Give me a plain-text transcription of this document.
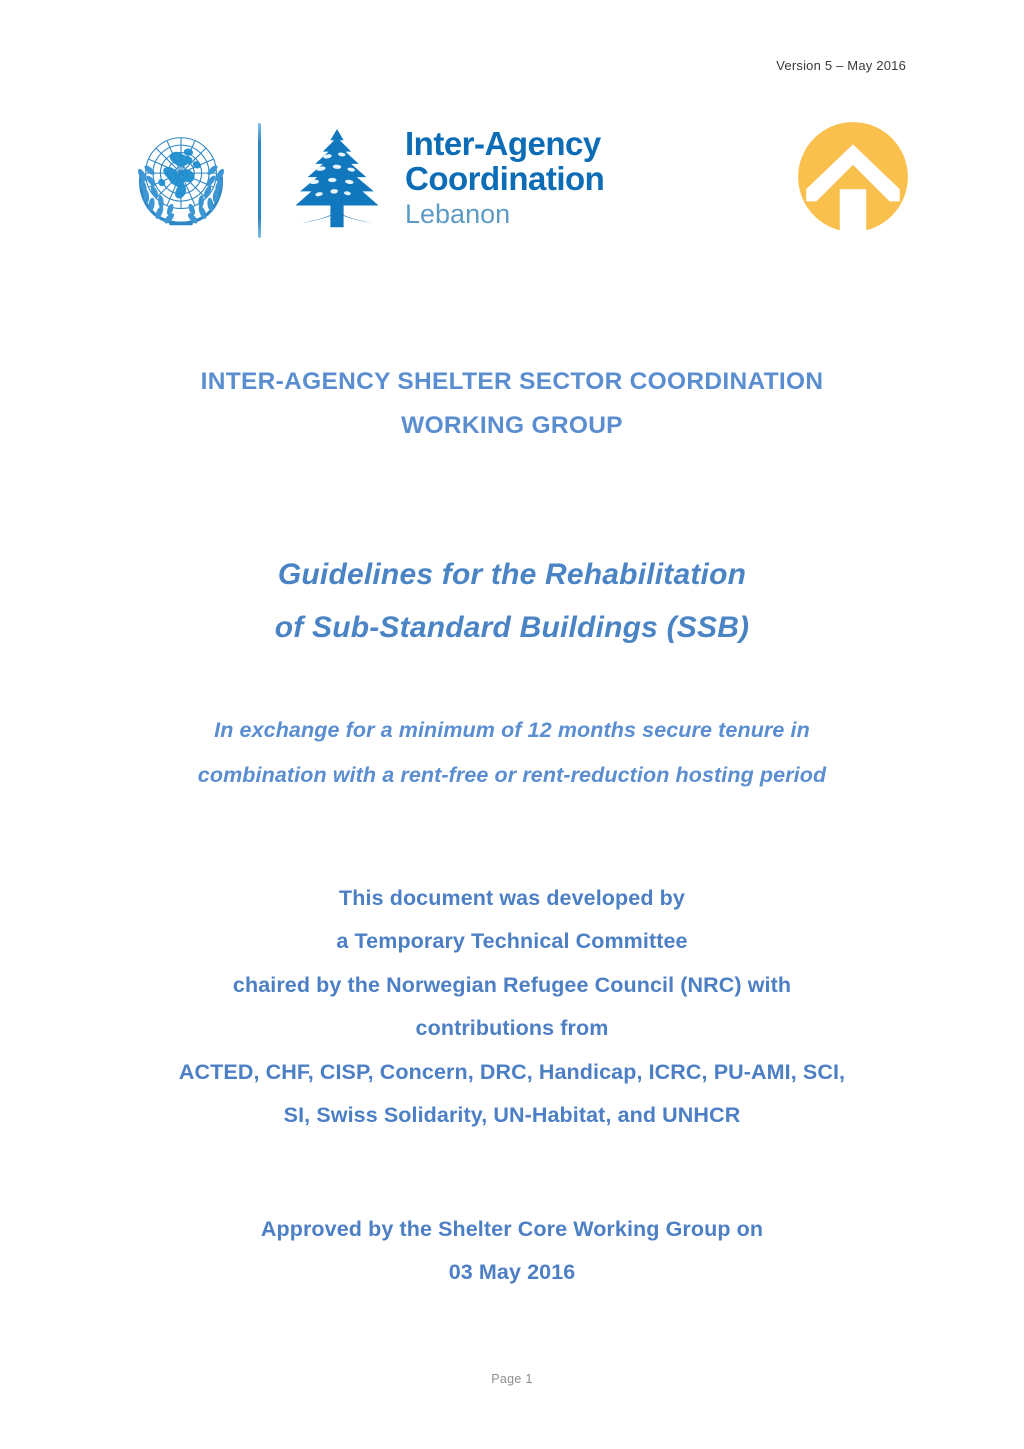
Version 5 – May 2016
Inter-Agency
Coordination
Lebanon
INTER-AGENCY SHELTER SECTOR COORDINATION
WORKING GROUP
Guidelines for the Rehabilitation
of Sub-Standard Buildings (SSB)
In exchange for a minimum of 12 months secure tenure in
combination with a rent-free or rent-reduction hosting period
This document was developed by
a Temporary Technical Committee
chaired by the Norwegian Refugee Council (NRC) with
contributions from
ACTED, CHF, CISP, Concern, DRC, Handicap, ICRC, PU-AMI, SCI,
SI, Swiss Solidarity, UN-Habitat, and UNHCR
Approved by the Shelter Core Working Group on
03 May 2016
Page 1
